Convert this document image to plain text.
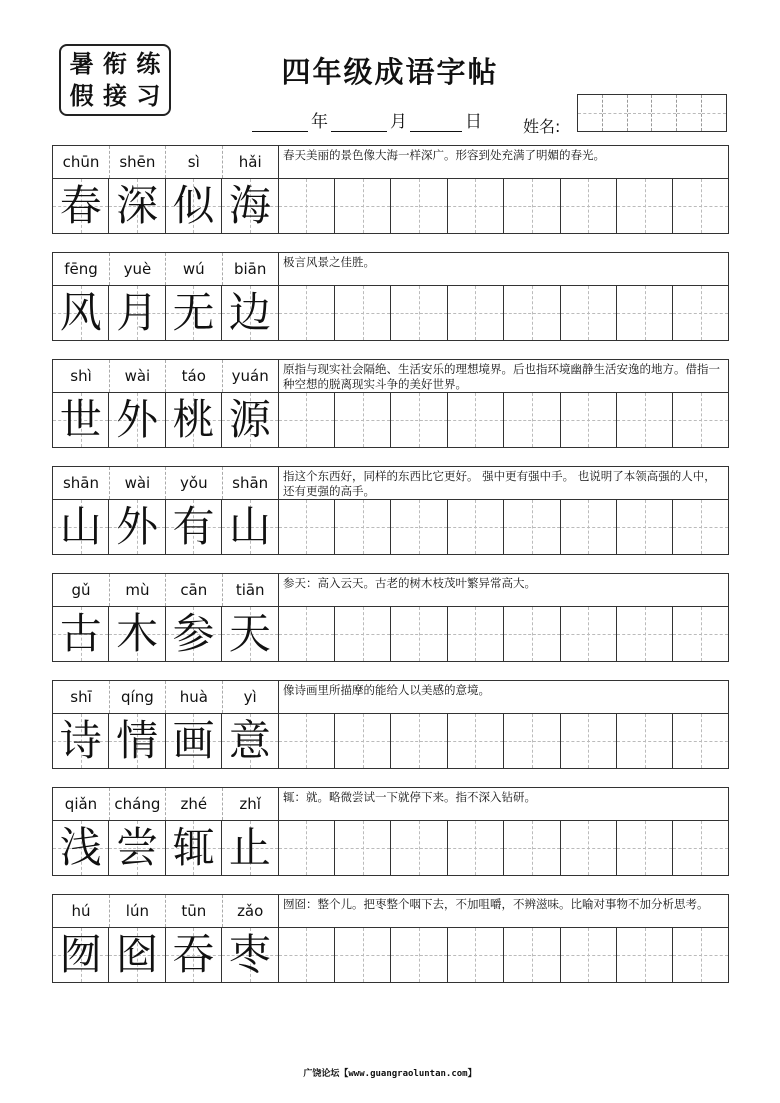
暑 衔 练
假 接 习
四年级成语字帖
年	月	日	姓名:
chūn	shēn	sì	hǎi	春天美丽的景色像大海一样深广。形容到处充满了明媚的春光。
春 深 似 海
fēng	yuè	wú	biān	极言风景之佳胜。
风 月 无 边
shì	wài	táo	yuán	原指与现实社会隔绝、生活安乐的理想境界。后也指环境幽静生活安逸的地方。借指一种空想的脱离现实斗争的美好世界。
世 外 桃 源
shān	wài	yǒu	shān	指这个东西好，同样的东西比它更好。 强中更有强中手。 也说明了本领高强的人中，还有更强的高手。
山 外 有 山
gǔ	mù	cān	tiān	参天：高入云天。古老的树木枝茂叶繁异常高大。
古 木 参 天
shī	qíng	huà	yì	像诗画里所描摩的能给人以美感的意境。
诗 情 画 意
qiǎn	cháng	zhé	zhǐ	辄：就。略微尝试一下就停下来。指不深入钻研。
浅 尝 辄 止
hú	lún	tūn	zǎo	囫囵：整个儿。把枣整个咽下去，不加咀嚼，不辨滋味。比喻对事物不加分析思考。
囫 囵 吞 枣
广饶论坛【www.guangraoluntan.com】
